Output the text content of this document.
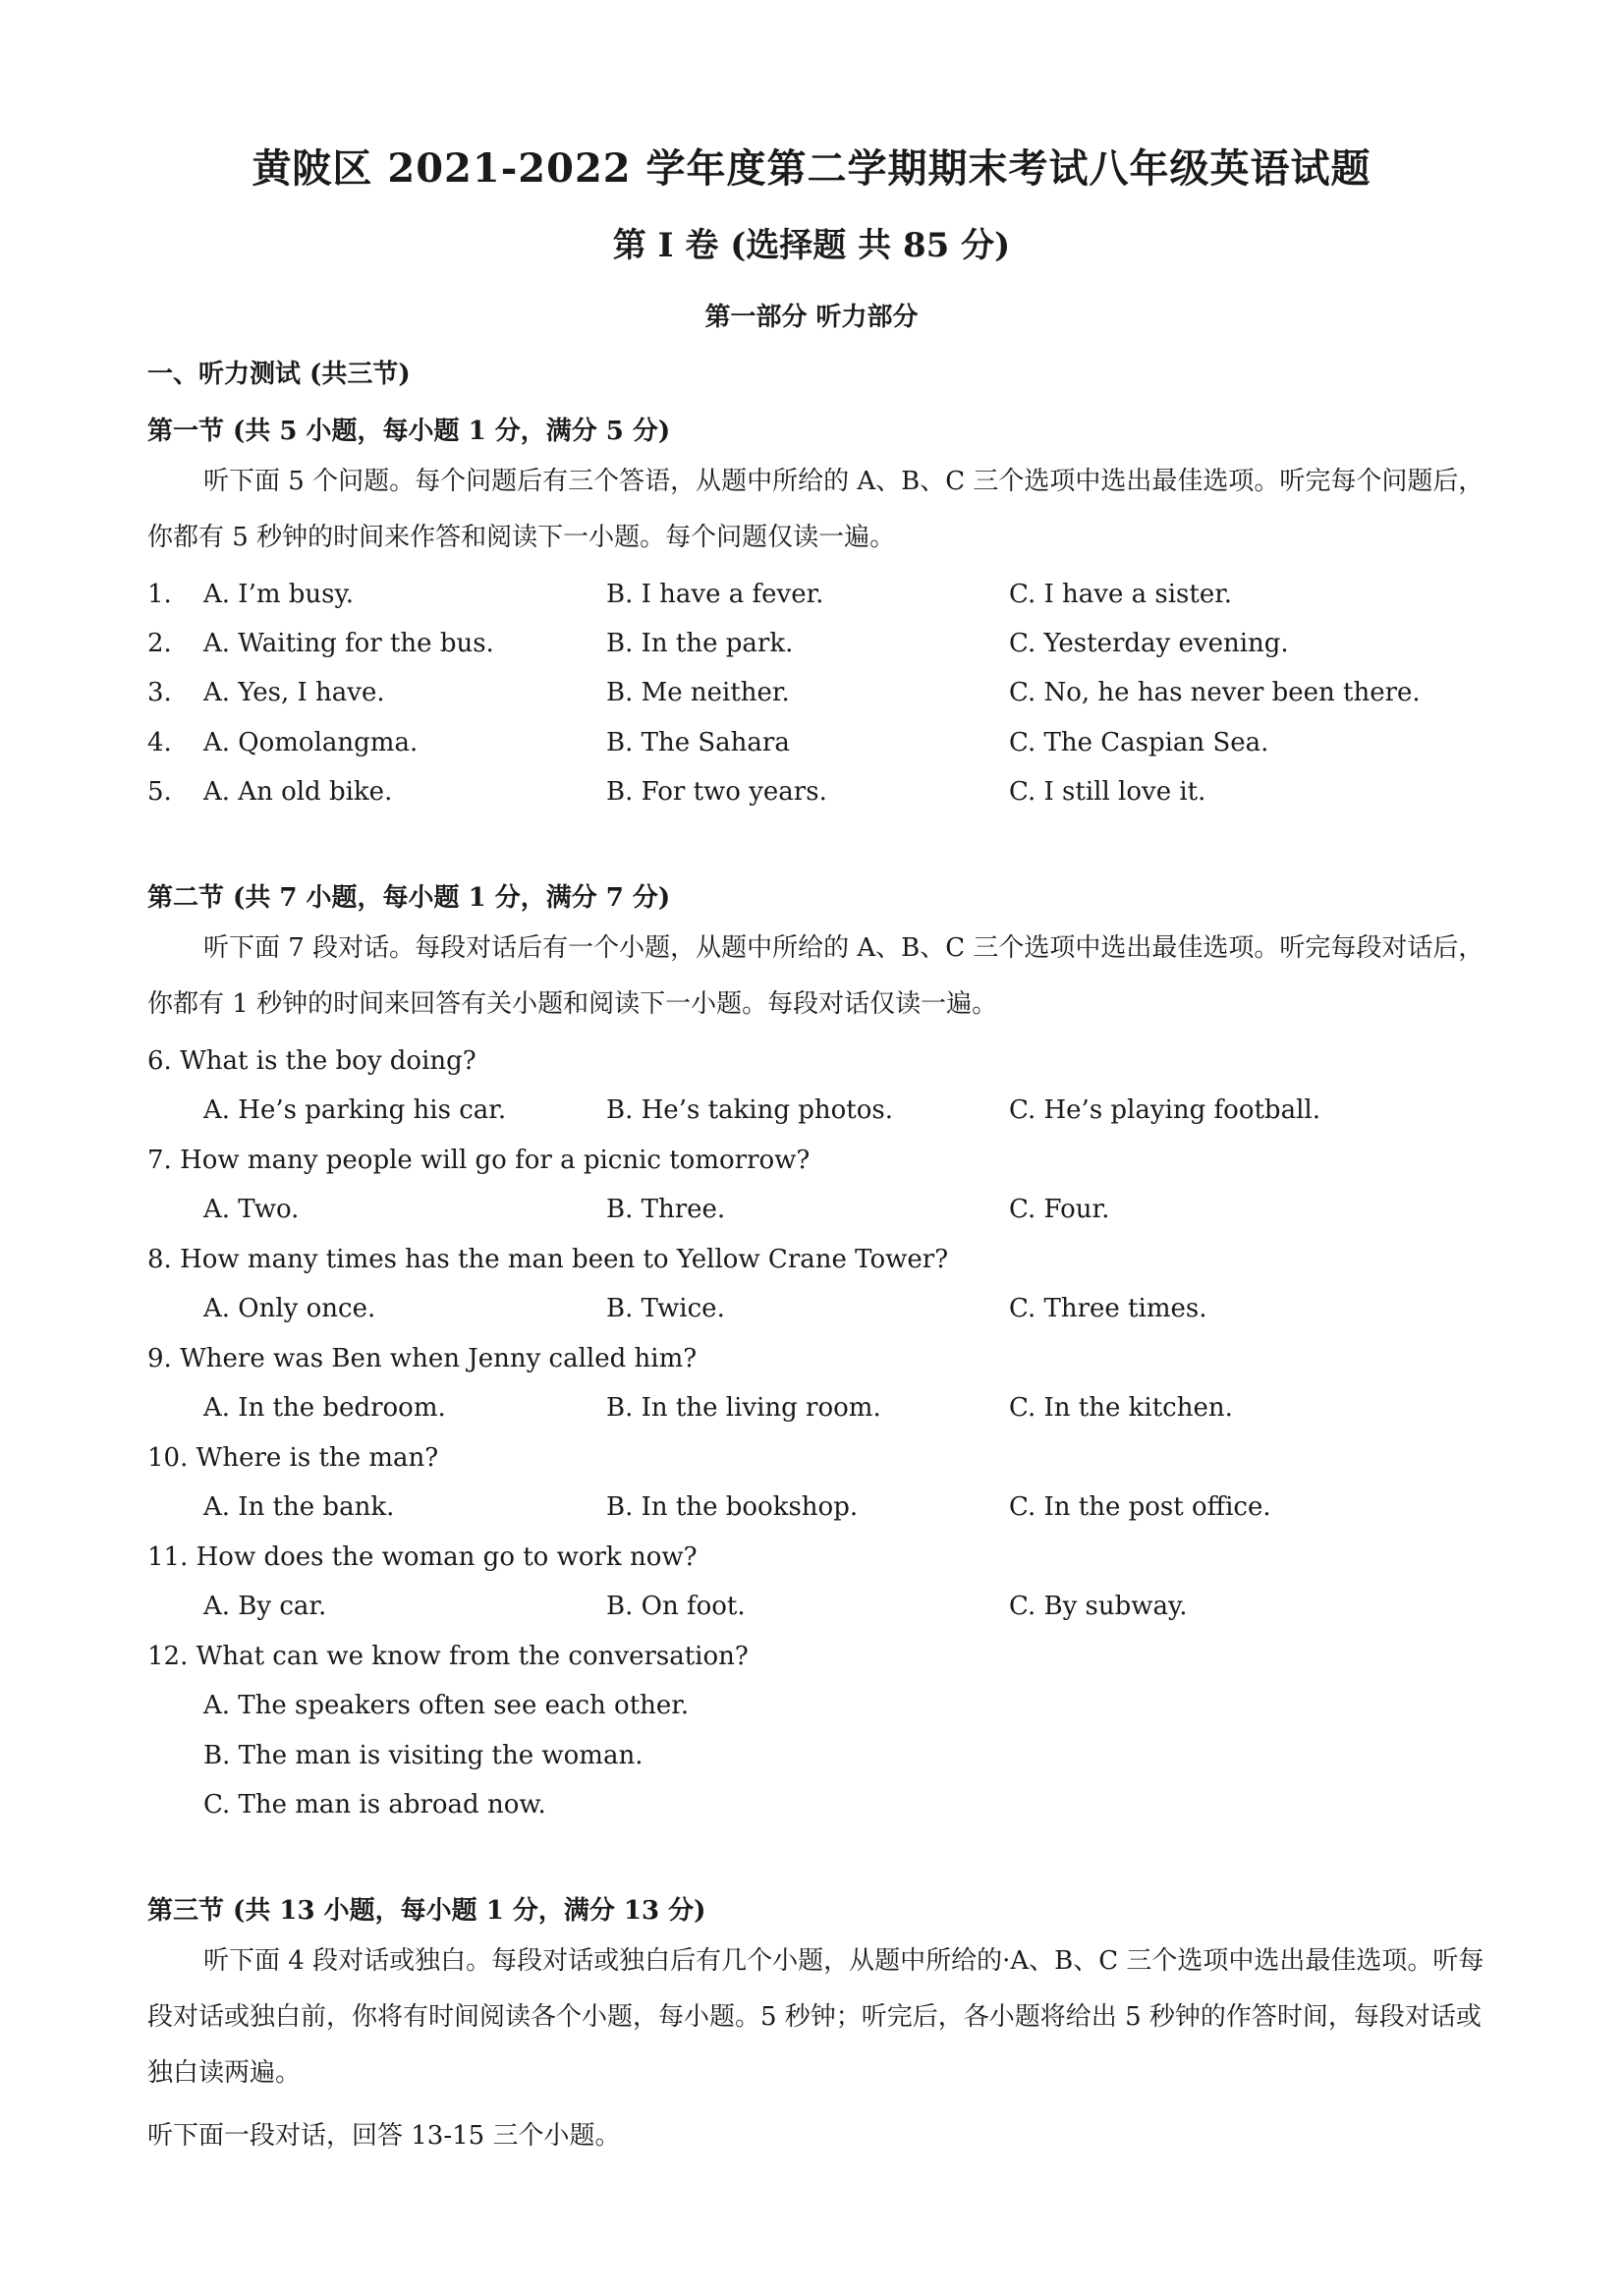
黄陂区 2021-2022 学年度第二学期期末考试八年级英语试题
第 I 卷 (选择题 共 85 分)
第一部分 听力部分
一、听力测试 (共三节)
第一节 (共 5 小题，每小题 1 分，满分 5 分)
听下面 5 个问题。每个问题后有三个答语，从题中所给的 A、B、C 三个选项中选出最佳选项。听完每个问题后，你都有 5 秒钟的时间来作答和阅读下一小题。每个问题仅读一遍。
1. A. I’m busy.	B. I have a fever.	C. I have a sister.
2. A. Waiting for the bus.	B. In the park.	C. Yesterday evening.
3. A. Yes, I have.	B. Me neither.	C. No, he has never been there.
4. A. Qomolangma.	B. The Sahara	C. The Caspian Sea.
5. A. An old bike.	B. For two years.	C. I still love it.
第二节 (共 7 小题，每小题 1 分，满分 7 分)
听下面 7 段对话。每段对话后有一个小题，从题中所给的 A、B、C 三个选项中选出最佳选项。听完每段对话后，你都有 1 秒钟的时间来回答有关小题和阅读下一小题。每段对话仅读一遍。
6. What is the boy doing?
A. He’s parking his car.	B. He’s taking photos.	C. He’s playing football.
7. How many people will go for a picnic tomorrow?
A. Two.	B. Three.	C. Four.
8. How many times has the man been to Yellow Crane Tower?
A. Only once.	B. Twice.	C. Three times.
9. Where was Ben when Jenny called him?
A. In the bedroom.	B. In the living room.	C. In the kitchen.
10. Where is the man?
A. In the bank.	B. In the bookshop.	C. In the post office.
11. How does the woman go to work now?
A. By car.	B. On foot.	C. By subway.
12. What can we know from the conversation?
A. The speakers often see each other.
B. The man is visiting the woman.
C. The man is abroad now.
第三节 (共 13 小题，每小题 1 分，满分 13 分)
听下面 4 段对话或独白。每段对话或独白后有几个小题，从题中所给的·A、B、C 三个选项中选出最佳选项。听每段对话或独白前，你将有时间阅读各个小题，每小题。5 秒钟；听完后，各小题将给出 5 秒钟的作答时间，每段对话或独白读两遍。
听下面一段对话，回答 13-15 三个小题。
